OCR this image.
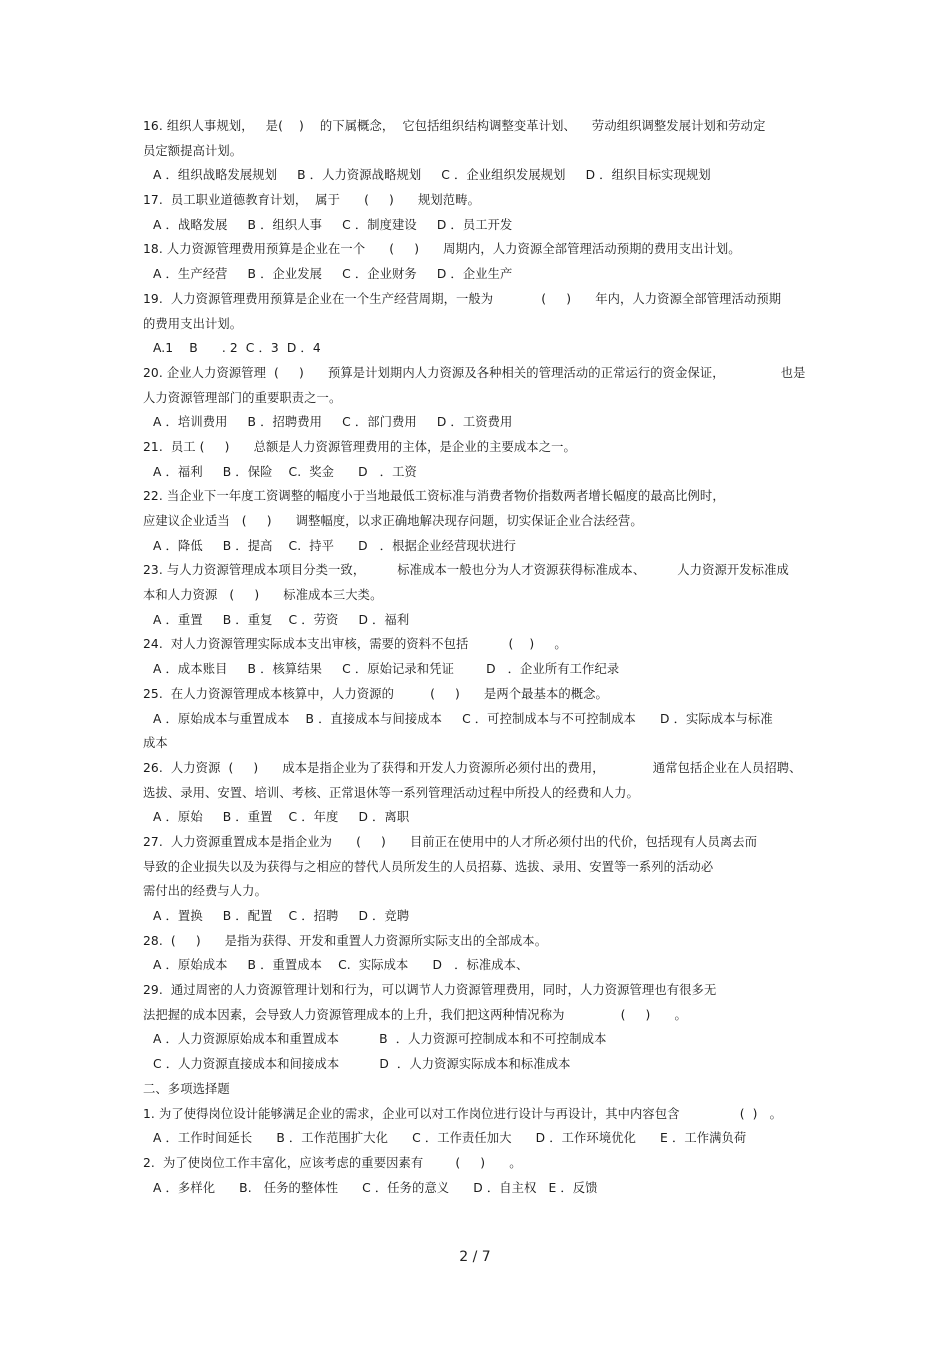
16. 组织人事规划，   是(    )    的下属概念，  它包括组织结构调整变革计划、    劳动组织调整发展计划和劳动定
员定额提高计划。
A ．组织战略发展规划     B ．人力资源战略规划     C ．企业组织发展规划     D ．组织目标实现规划
17.  员工职业道德教育计划，  属于      (     )      规划范畴。
A ．战略发展     B ．组织人事     C ．制度建设     D ．员工开发
18. 人力资源管理费用预算是企业在一个      (     )      周期内，人力资源全部管理活动预期的费用支出计划。
A ．生产经营     B ．企业发展     C ．企业财务     D ．企业生产
19.  人力资源管理费用预算是企业在一个生产经营周期，一般为            (     )      年内，人力资源全部管理活动预期
的费用支出计划。
A.1    B      . 2  C ．3  D ．4
20. 企业人力资源管理  (     )      预算是计划期内人力资源及各种相关的管理活动的正常运行的资金保证，              也是
人力资源管理部门的重要职责之一。
A ．培训费用     B ．招聘费用     C ．部门费用     D ．工资费用
21.  员工 (     )      总额是人力资源管理费用的主体，是企业的主要成本之一。
A ．福利     B ．保险    C.  奖金      D   ．工资
22. 当企业下一年度工资调整的幅度小于当地最低工资标准与消费者物价指数两者增长幅度的最高比例时，
应建议企业适当   (     )      调整幅度，以求正确地解决现存问题，切实保证企业合法经营。
A ．降低     B ．提高    C.  持平      D   ．根据企业经营现状进行
23. 与人力资源管理成本项目分类一致，        标准成本一般也分为人才资源获得标准成本、        人力资源开发标准成
本和人力资源   (     )      标准成本三大类。
A ．重置     B ．重复    C ．劳资     D ．福利
24.  对人力资源管理实际成本支出审核，需要的资料不包括          (    )     。
A ．成本账目     B ．核算结果     C ．原始记录和凭证        D   ．企业所有工作纪录
25.  在人力资源管理成本核算中，人力资源的         (     )      是两个最基本的概念。
A ．原始成本与重置成本    B ．直接成本与间接成本     C ．可控制成本与不可控制成本      D ．实际成本与标准
成本
26.  人力资源  (     )      成本是指企业为了获得和开发人力资源所必须付出的费用，            通常包括企业在人员招聘、
选拔、录用、安置、培训、考核、正常退休等一系列管理活动过程中所投人的经费和人力。
A ．原始     B ．重置    C ．年度     D ．离职
27.  人力资源重置成本是指企业为      (     )      目前正在使用中的人才所必须付出的代价，包括现有人员离去而
导致的企业损失以及为获得与之相应的替代人员所发生的人员招募、选拔、录用、安置等一系列的活动必
需付出的经费与人力。
A ．置换     B ．配置    C ．招聘     D ．竞聘
28.  (     )      是指为获得、开发和重置人力资源所实际支出的全部成本。
A ．原始成本     B ．重置成本    C.  实际成本      D   ．标准成本、
29.  通过周密的人力资源管理计划和行为，可以调节人力资源管理费用，同时，人力资源管理也有很多无
法把握的成本因素，会导致人力资源管理成本的上升，我们把这两种情况称为              (     )      。
A ．人力资源原始成本和重置成本          B  ．人力资源可控制成本和不可控制成本
C ．人力资源直接成本和间接成本          D  ．人力资源实际成本和标准成本
二、多项选择题
1. 为了使得岗位设计能够满足企业的需求，企业可以对工作岗位进行设计与再设计，其中内容包含               (  )   。
A ．工作时间延长      B ．工作范围扩大化      C ．工作责任加大      D ．工作环境优化      E ．工作满负荷
2.  为了使岗位工作丰富化，应该考虑的重要因素有        (     )      。
A ．多样化      B.   任务的整体性      C ．任务的意义      D ．自主权   E ．反馈
2 / 7
